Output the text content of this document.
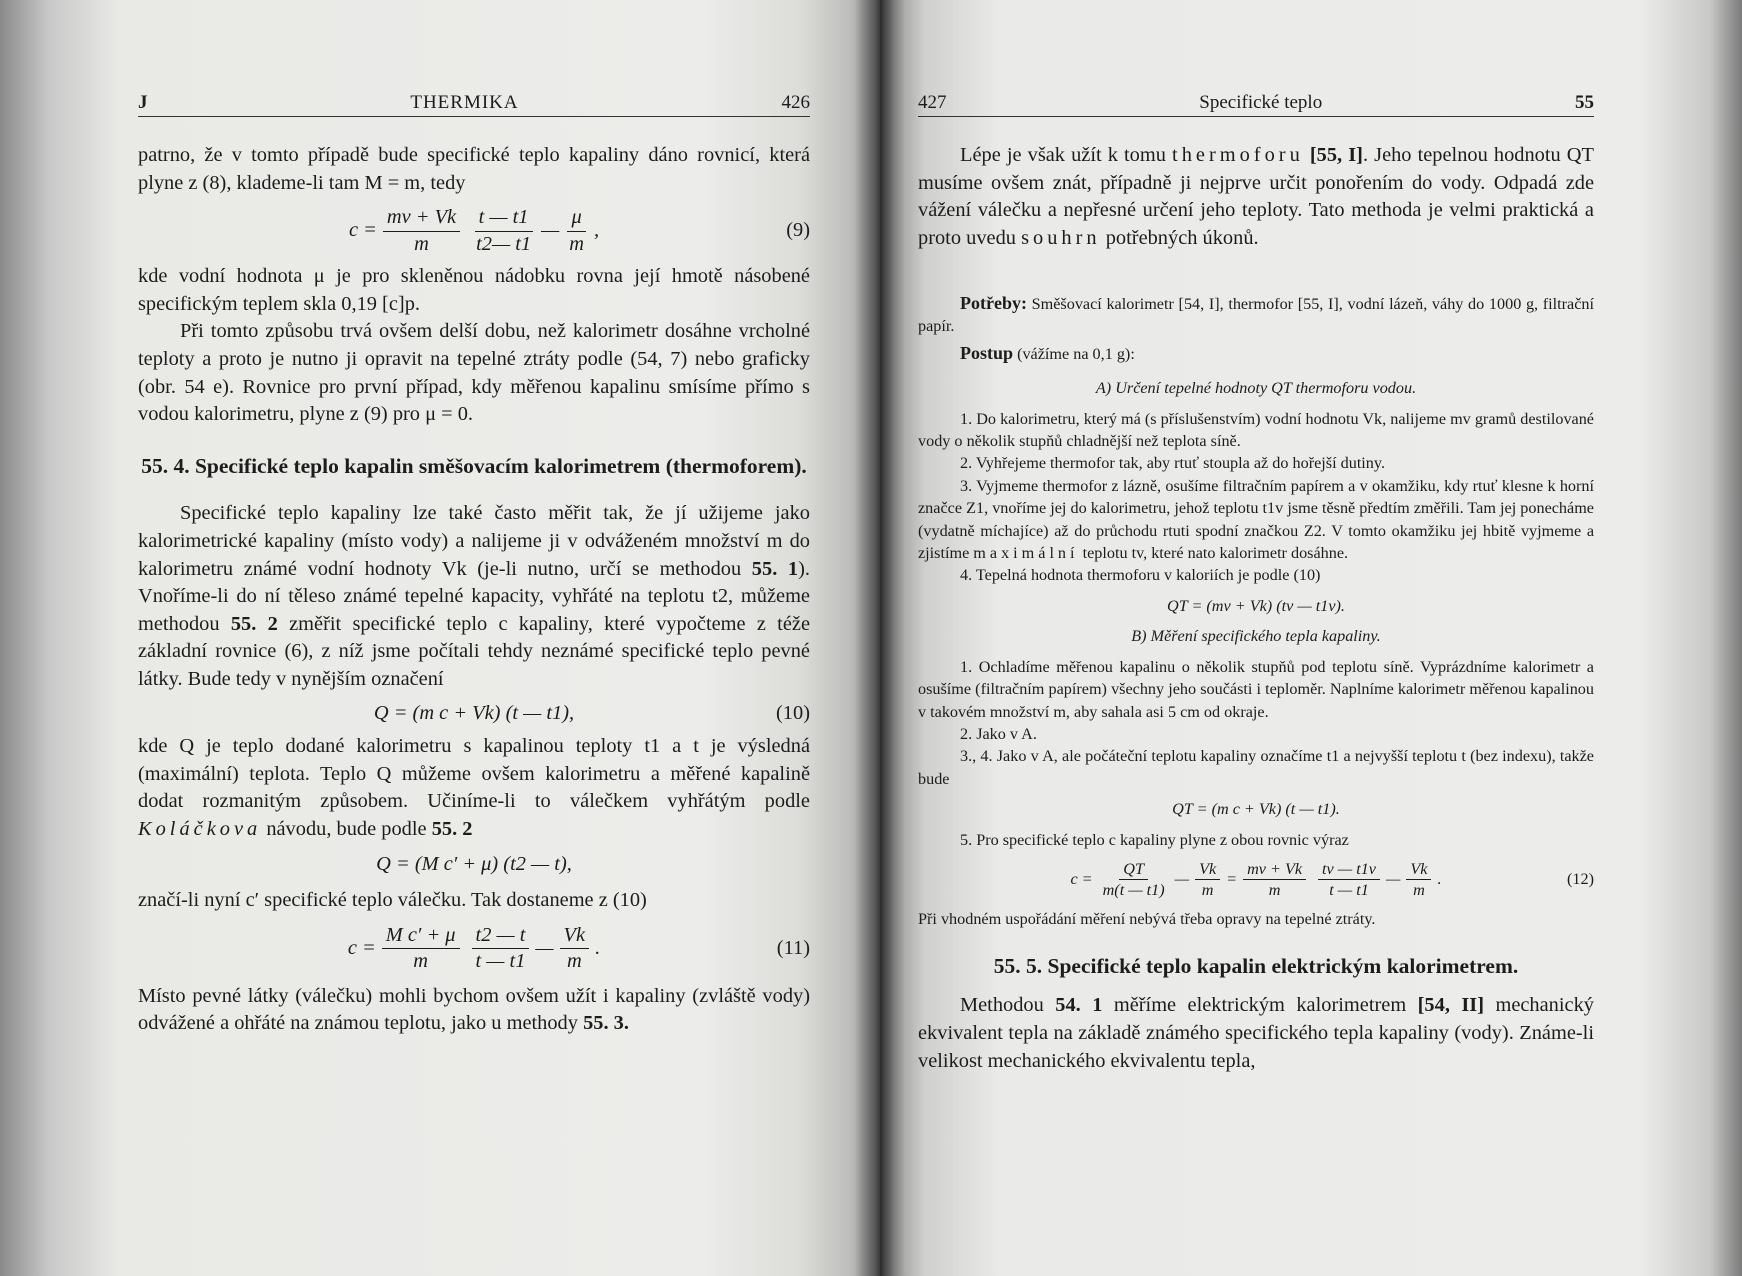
J	THERMIKA	426

patrno, že v tomto případě bude specifické teplo kapaliny dáno rovnicí, která plyne z (8), klademe-li tam M = m, tedy

$c = \frac{mv + Vk}{m} \frac{t — t1}{t2— t1}$ — $\frac{\mu}{m}$ ,	(9)

kde vodní hodnota μ je pro skleněnou nádobku rovna její hmotě násobené specifickým teplem skla 0,19 [c]p.

Při tomto způsobu trvá ovšem delší dobu, než kalorimetr dosáhne vrcholné teploty a proto je nutno ji opravit na tepelné ztráty podle (54, 7) nebo graficky (obr. 54 e). Rovnice pro první případ, kdy měřenou kapalinu smísíme přímo s vodou kalorimetru, plyne z (9) pro μ = 0.

55. 4. Specifické teplo kapalin směšovacím kalorimetrem (thermoforem).

Specifické teplo kapaliny lze také často měřit tak, že jí užijeme jako kalorimetrické kapaliny (místo vody) a nalijeme ji v odváženém množství m do kalorimetru známé vodní hodnoty Vk (je-li nutno, určí se methodou 55. 1). Vnoříme-li do ní těleso známé tepelné kapacity, vyhřáté na teplotu t2, můžeme methodou 55. 2 změřit specifické teplo c kapaliny, které vypočteme z téže základní rovnice (6), z níž jsme počítali tehdy neznámé specifické teplo pevné látky. Bude tedy v nynějším označení

Q = (m c + Vk) (t — t1),	(10)

kde Q je teplo dodané kalorimetru s kapalinou teploty t1 a t je výsledná (maximální) teplota. Teplo Q můžeme ovšem kalorimetru a měřené kapalině dodat rozmanitým způsobem. Učiníme-li to válečkem vyhřátým podle Koláčkova návodu, bude podle 55. 2

Q = (M c′ + μ) (t2 — t),

značí-li nyní c′ specifické teplo válečku. Tak dostaneme z (10)

$c = \frac{\text{M c′ + μ}}{m} \frac{t2 — t}{t — t1}$ — $\frac{Vk}{m}$ .	(11)

Místo pevné látky (válečku) mohli bychom ovšem užít i kapaliny (zvláště vody) odvážené a ohřáté na známou teplotu, jako u methody 55. 3.

427	Specifické teplo	55

Lépe je však užít k tomu thermoforu [55, I]. Jeho tepelnou hodnotu QT musíme ovšem znát, případně ji nejprve určit ponořením do vody. Odpadá zde vážení válečku a nepřesné určení jeho teploty. Tato methoda je velmi praktická a proto uvedu souhrn potřebných úkonů.

Potřeby: Směšovací kalorimetr [54, I], thermofor [55, I], vodní lázeň, váhy do 1000 g, filtrační papír.

Postup (vážíme na 0,1 g):

A) Určení tepelné hodnoty QT thermoforu vodou.

1. Do kalorimetru, který má (s příslušenstvím) vodní hodnotu Vk, nalijeme mv gramů destilované vody o několik stupňů chladnější než teplota síně.

2. Vyhřejeme thermofor tak, aby rtuť stoupla až do hořejší dutiny.

3. Vyjmeme thermofor z lázně, osušíme filtračním papírem a v okamžiku, kdy rtuť klesne k horní značce Z1, vnoříme jej do kalorimetru, jehož teplotu t1v jsme těsně předtím změřili. Tam jej ponecháme (vydatně míchajíce) až do průchodu rtuti spodní značkou Z2. V tomto okamžiku jej hbitě vyjmeme a zjistíme maximální teplotu tv, které nato kalorimetr dosáhne.

4. Tepelná hodnota thermoforu v kaloriích je podle (10)

QT = (mv + Vk) (tv — t1v).

B) Měření specifického tepla kapaliny.

1. Ochladíme měřenou kapalinu o několik stupňů pod teplotu síně. Vyprázdníme kalorimetr a osušíme (filtračním papírem) všechny jeho součásti i teploměr. Naplníme kalorimetr měřenou kapalinou v takovém množství m, aby sahala asi 5 cm od okraje.

2. Jako v A.

3., 4. Jako v A, ale počáteční teplotu kapaliny označíme t1 a nejvyšší teplotu t (bez indexu), takže bude

QT = (m c + Vk) (t — t1).

5. Pro specifické teplo c kapaliny plyne z obou rovnic výraz

$c = \frac{QT}{m(t — t1)}$ — $\frac{Vk}{m} = \frac{mv + Vk}{m} \frac{tv — t1v}{t — t1}$ — $\frac{Vk}{m}$ .	(12)

Při vhodném uspořádání měření nebývá třeba opravy na tepelné ztráty.

55. 5. Specifické teplo kapalin elektrickým kalorimetrem.

Methodou 54. 1 měříme elektrickým kalorimetrem [54, II] mechanický ekvivalent tepla na základě známého specifického tepla kapaliny (vody). Známe-li velikost mechanického ekvivalentu tepla,
